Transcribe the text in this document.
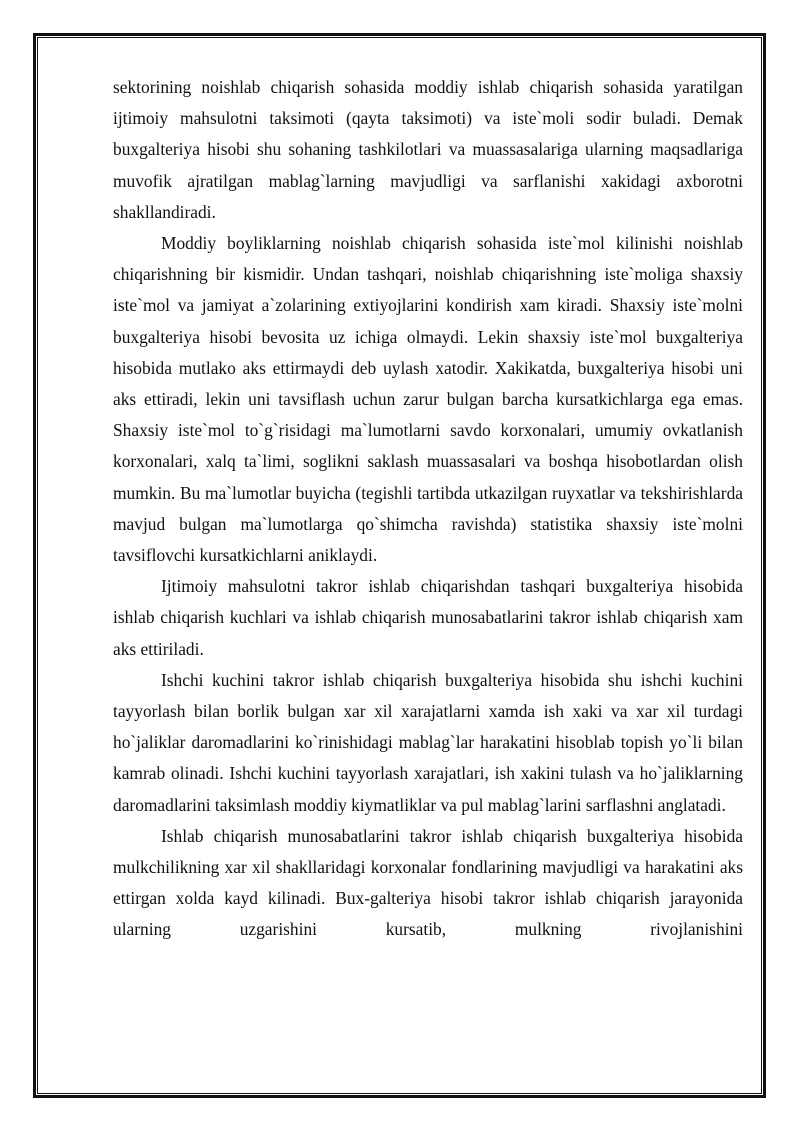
sektorining noishlab chiqarish sohasida moddiy ishlab chiqarish sohasida yaratilgan ijtimoiy mahsulotni taksimoti (qayta taksimoti) va iste`moli sodir buladi. Demak buxgalteriya hisobi shu sohaning tashkilotlari va muassasalariga ularning maqsadlariga muvofik ajratilgan mablag`larning mavjudligi va sarflanishi xakidagi axborotni shakllandiradi.

Moddiy boyliklarning noishlab chiqarish sohasida iste`mol kilinishi noishlab chiqarishning bir kismidir. Undan tashqari, noishlab chiqarishning iste`moliga shaxsiy iste`mol va jamiyat a`zolarining extiyojlarini kondirish xam kiradi. Shaxsiy iste`molni buxgalteriya hisobi bevosita uz ichiga olmaydi. Lekin shaxsiy iste`mol buxgalteriya hisobida mutlako aks ettirmaydi deb uylash xatodir. Xakikatda, buxgalteriya hisobi uni aks ettiradi, lekin uni tavsiflash uchun zarur bulgan barcha kursatkichlarga ega emas. Shaxsiy iste`mol to`g`risidagi ma`lumotlarni savdo korxonalari, umumiy ovkatlanish korxonalari, xalq ta`limi, soglikni saklash muassasalari va boshqa hisobotlardan olish mumkin. Bu ma`lumotlar buyicha (tegishli tartibda utkazilgan ruyxatlar va tekshirishlarda mavjud bulgan ma`lumotlarga qo`shimcha ravishda) statistika shaxsiy iste`molni tavsiflovchi kursatkichlarni aniklaydi.

Ijtimoiy mahsulotni takror ishlab chiqarishdan tashqari buxgalteriya hisobida ishlab chiqarish kuchlari va ishlab chiqarish munosabatlarini takror ishlab chiqarish xam aks ettiriladi.

Ishchi kuchini takror ishlab chiqarish buxgalteriya hisobida shu ishchi kuchini tayyorlash bilan borlik bulgan xar xil xarajatlarni xamda ish xaki va xar xil turdagi ho`jaliklar daromadlarini ko`rinishidagi mablag`lar harakatini hisoblab topish yo`li bilan kamrab olinadi. Ishchi kuchini tayyorlash xarajatlari, ish xakini tulash va ho`jaliklarning daromadlarini taksimlash moddiy kiymatliklar va pul mablag`larini sarflashni anglatadi.

Ishlab chiqarish munosabatlarini takror ishlab chiqarish buxgalteriya hisobida mulkchilikning xar xil shakllaridagi korxonalar fondlarining mavjudligi va harakatini aks ettirgan xolda kayd kilinadi. Bux-galteriya hisobi takror ishlab chiqarish jarayonida ularning uzgarishini kursatib, mulkning rivojlanishini
